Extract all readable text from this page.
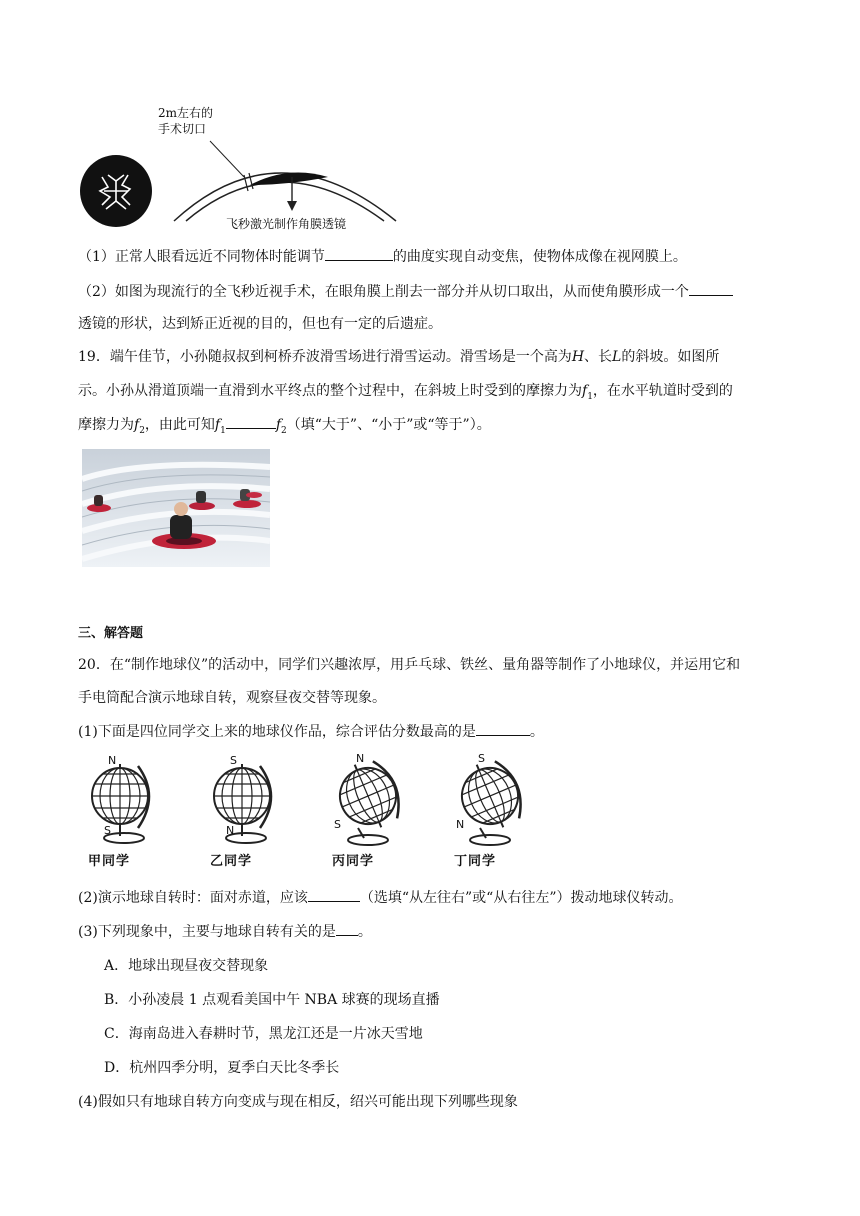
2m左右的
手术切口
飞秒激光制作角膜透镜
（1）正常人眼看远近不同物体时能调节	的曲度实现自动变焦，使物体成像在视网膜上。
（2）如图为现流行的全飞秒近视手术，在眼角膜上削去一部分并从切口取出，从而使角膜形成一个
透镜的形状，达到矫正近视的目的，但也有一定的后遗症。
19．端午佳节，小孙随叔叔到柯桥乔波滑雪场进行滑雪运动。滑雪场是一个高为H、长L的斜坡。如图所
示。小孙从滑道顶端一直滑到水平终点的整个过程中，在斜坡上时受到的摩擦力为$f_1$，在水平轨道时受到的
摩擦力为$f_2$，由此可知$f_1$	$f_2$（填“大于”、“小于”或“等于”）。
三、解答题
20．在“制作地球仪”的活动中，同学们兴趣浓厚，用乒乓球、铁丝、量角器等制作了小地球仪，并运用它和
手电筒配合演示地球自转，观察昼夜交替等现象。
(1)下面是四位同学交上来的地球仪作品，综合评估分数最高的是	。
N
S
甲同学
S
N
乙同学
N
S
丙同学
S
N
丁同学
(2)演示地球自转时：面对赤道，应该	（选填“从左往右”或“从右往左”）拨动地球仪转动。
(3)下列现象中，主要与地球自转有关的是 。
A．地球出现昼夜交替现象
B．小孙凌晨 1 点观看美国中午 NBA 球赛的现场直播
C．海南岛进入春耕时节，黑龙江还是一片冰天雪地
D．杭州四季分明，夏季白天比冬季长
(4)假如只有地球自转方向变成与现在相反，绍兴可能出现下列哪些现象
